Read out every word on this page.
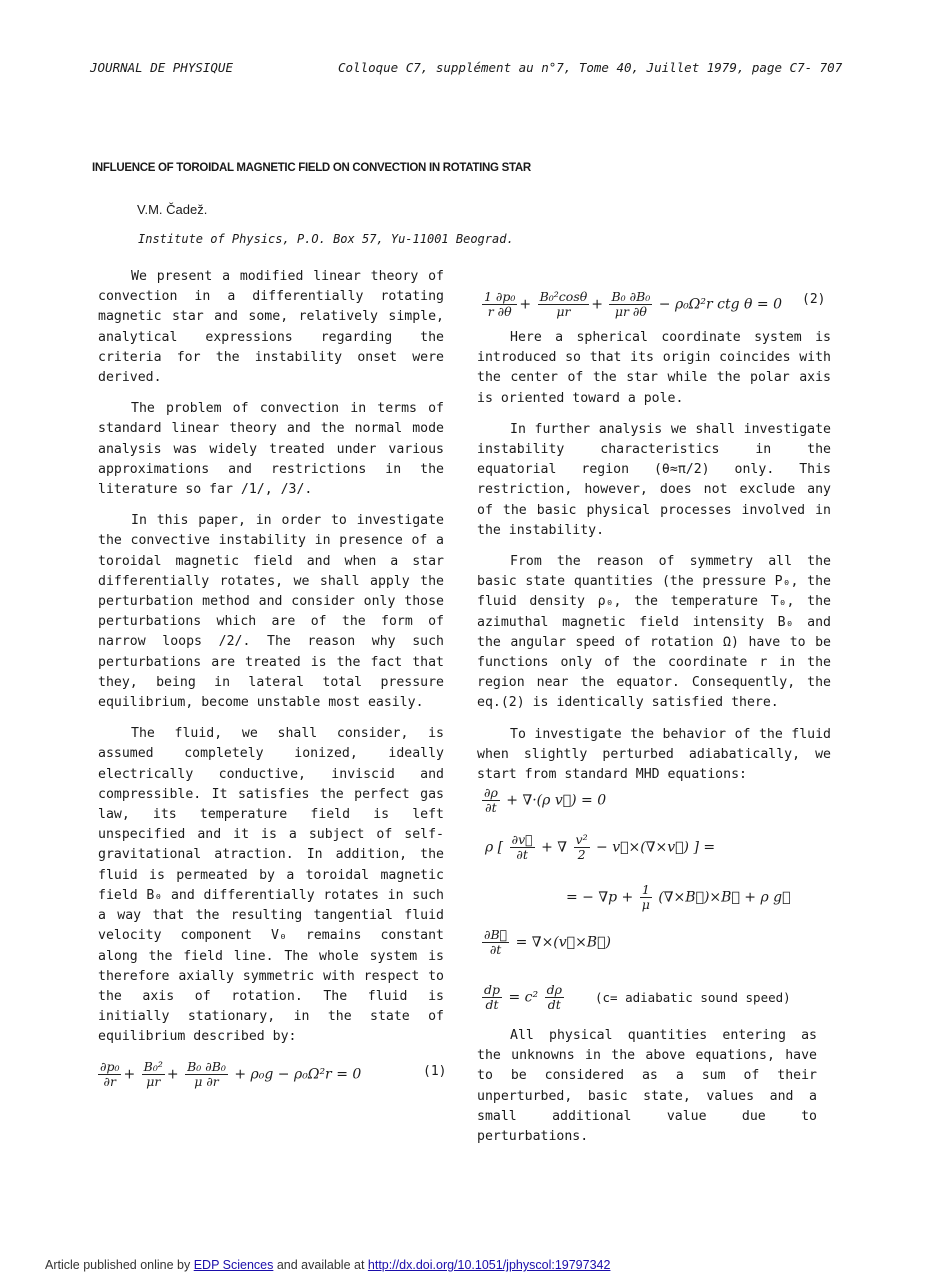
JOURNAL DE PHYSIQUE	Colloque C7, supplément au n°7, Tome 40, Juillet 1979, page C7- 707
INFLUENCE OF TOROIDAL MAGNETIC FIELD ON CONVECTION IN ROTATING STAR
V.M. Čadež.
Institute of Physics, P.O. Box 57, Yu-11001 Beograd.

We present a modified linear theory of convection in a differentially rotating magnetic star and some, relatively simple, analytical expressions regarding the criteria for the instability onset were derived.

The problem of convection in terms of standard linear theory and the normal mode analysis was widely treated under various approximations and restrictions in the literature so far /1/, /3/.

In this paper, in order to investigate the convective instability in presence of a toroidal magnetic field and when a star differentially rotates, we shall apply the perturbation method and consider only those perturbations which are of the form of narrow loops /2/. The reason why such perturbations are treated is the fact that they, being in lateral total pressure equilibrium, become unstable most easily.

The fluid, we shall consider, is assumed completely ionized, ideally electrically conductive, inviscid and compressible. It satisfies the perfect gas law, its temperature field is left unspecified and it is a subject of self-gravitational atraction. In addition, the fluid is permeated by a toroidal magnetic field B₀ and differentially rotates in such a way that the resulting tangential fluid velocity component V₀ remains constant along the field line. The whole system is therefore axially symmetric with respect to the axis of rotation. The fluid is initially stationary, in the state of equilibrium described by:

$\frac{\text{∂p₀}}{\partial r} + \frac{\text{B₀²}}{\mu r} + \frac{\text{B₀ ∂B₀}}{\mu \partial r} + \rho_0g - \rho_0\Omega^2r = 0$	(1)
$\frac{\text{1 ∂p₀}}{r \partial\theta} + \frac{\text{B₀²cosθ}}{\mu r} + \frac{\text{B₀ ∂B₀}}{\mu r \partial\theta} - \rho_0\Omega^2r$ ctg θ = 0 (2)

Here a spherical coordinate system is introduced so that its origin coincides with the center of the star while the polar axis is oriented toward a pole.

In further analysis we shall investigate instability characteristics in the equatorial region (θ≈π/2) only. This restriction, however, does not exclude any of the basic physical processes involved in the instability.

From the reason of symmetry all the basic state quantities (the pressure P₀, the fluid density ρ₀, the temperature T₀, the azimuthal magnetic field intensity B₀ and the angular speed of rotation Ω) have to be functions only of the coordinate r in the region near the equator. Consequently, the eq.(2) is identically satisfied there.

To investigate the behavior of the fluid when slightly perturbed adiabatically, we start from standard MHD equations:

$\frac{\partial\rho}{\partial t} + \nabla\cdot(\rho$ v⃗) = 0
ρ [ $\frac{\partial v⃗}{\partial t}$ + ∇ $\frac{\text{v²}}{2}$ − v⃗×(∇×v⃗) ] =
= − $\nabla p + \frac{1}{\mu}$ (∇×B⃗)×B⃗ + ρ g⃗
$\frac{\partial B⃗}{\partial t}$ = ∇×(v⃗×B⃗)
$\frac{dp}{dt} = c^2 \frac{d\rho}{dt} (c=$ adiabatic sound speed)

All physical quantities entering as the unknowns in the above equations, have to be considered as a sum of their unperturbed, basic state, values and a small additional value due to perturbations.

Article published online by EDP Sciences and available at http://dx.doi.org/10.1051/jphyscol:19797342
